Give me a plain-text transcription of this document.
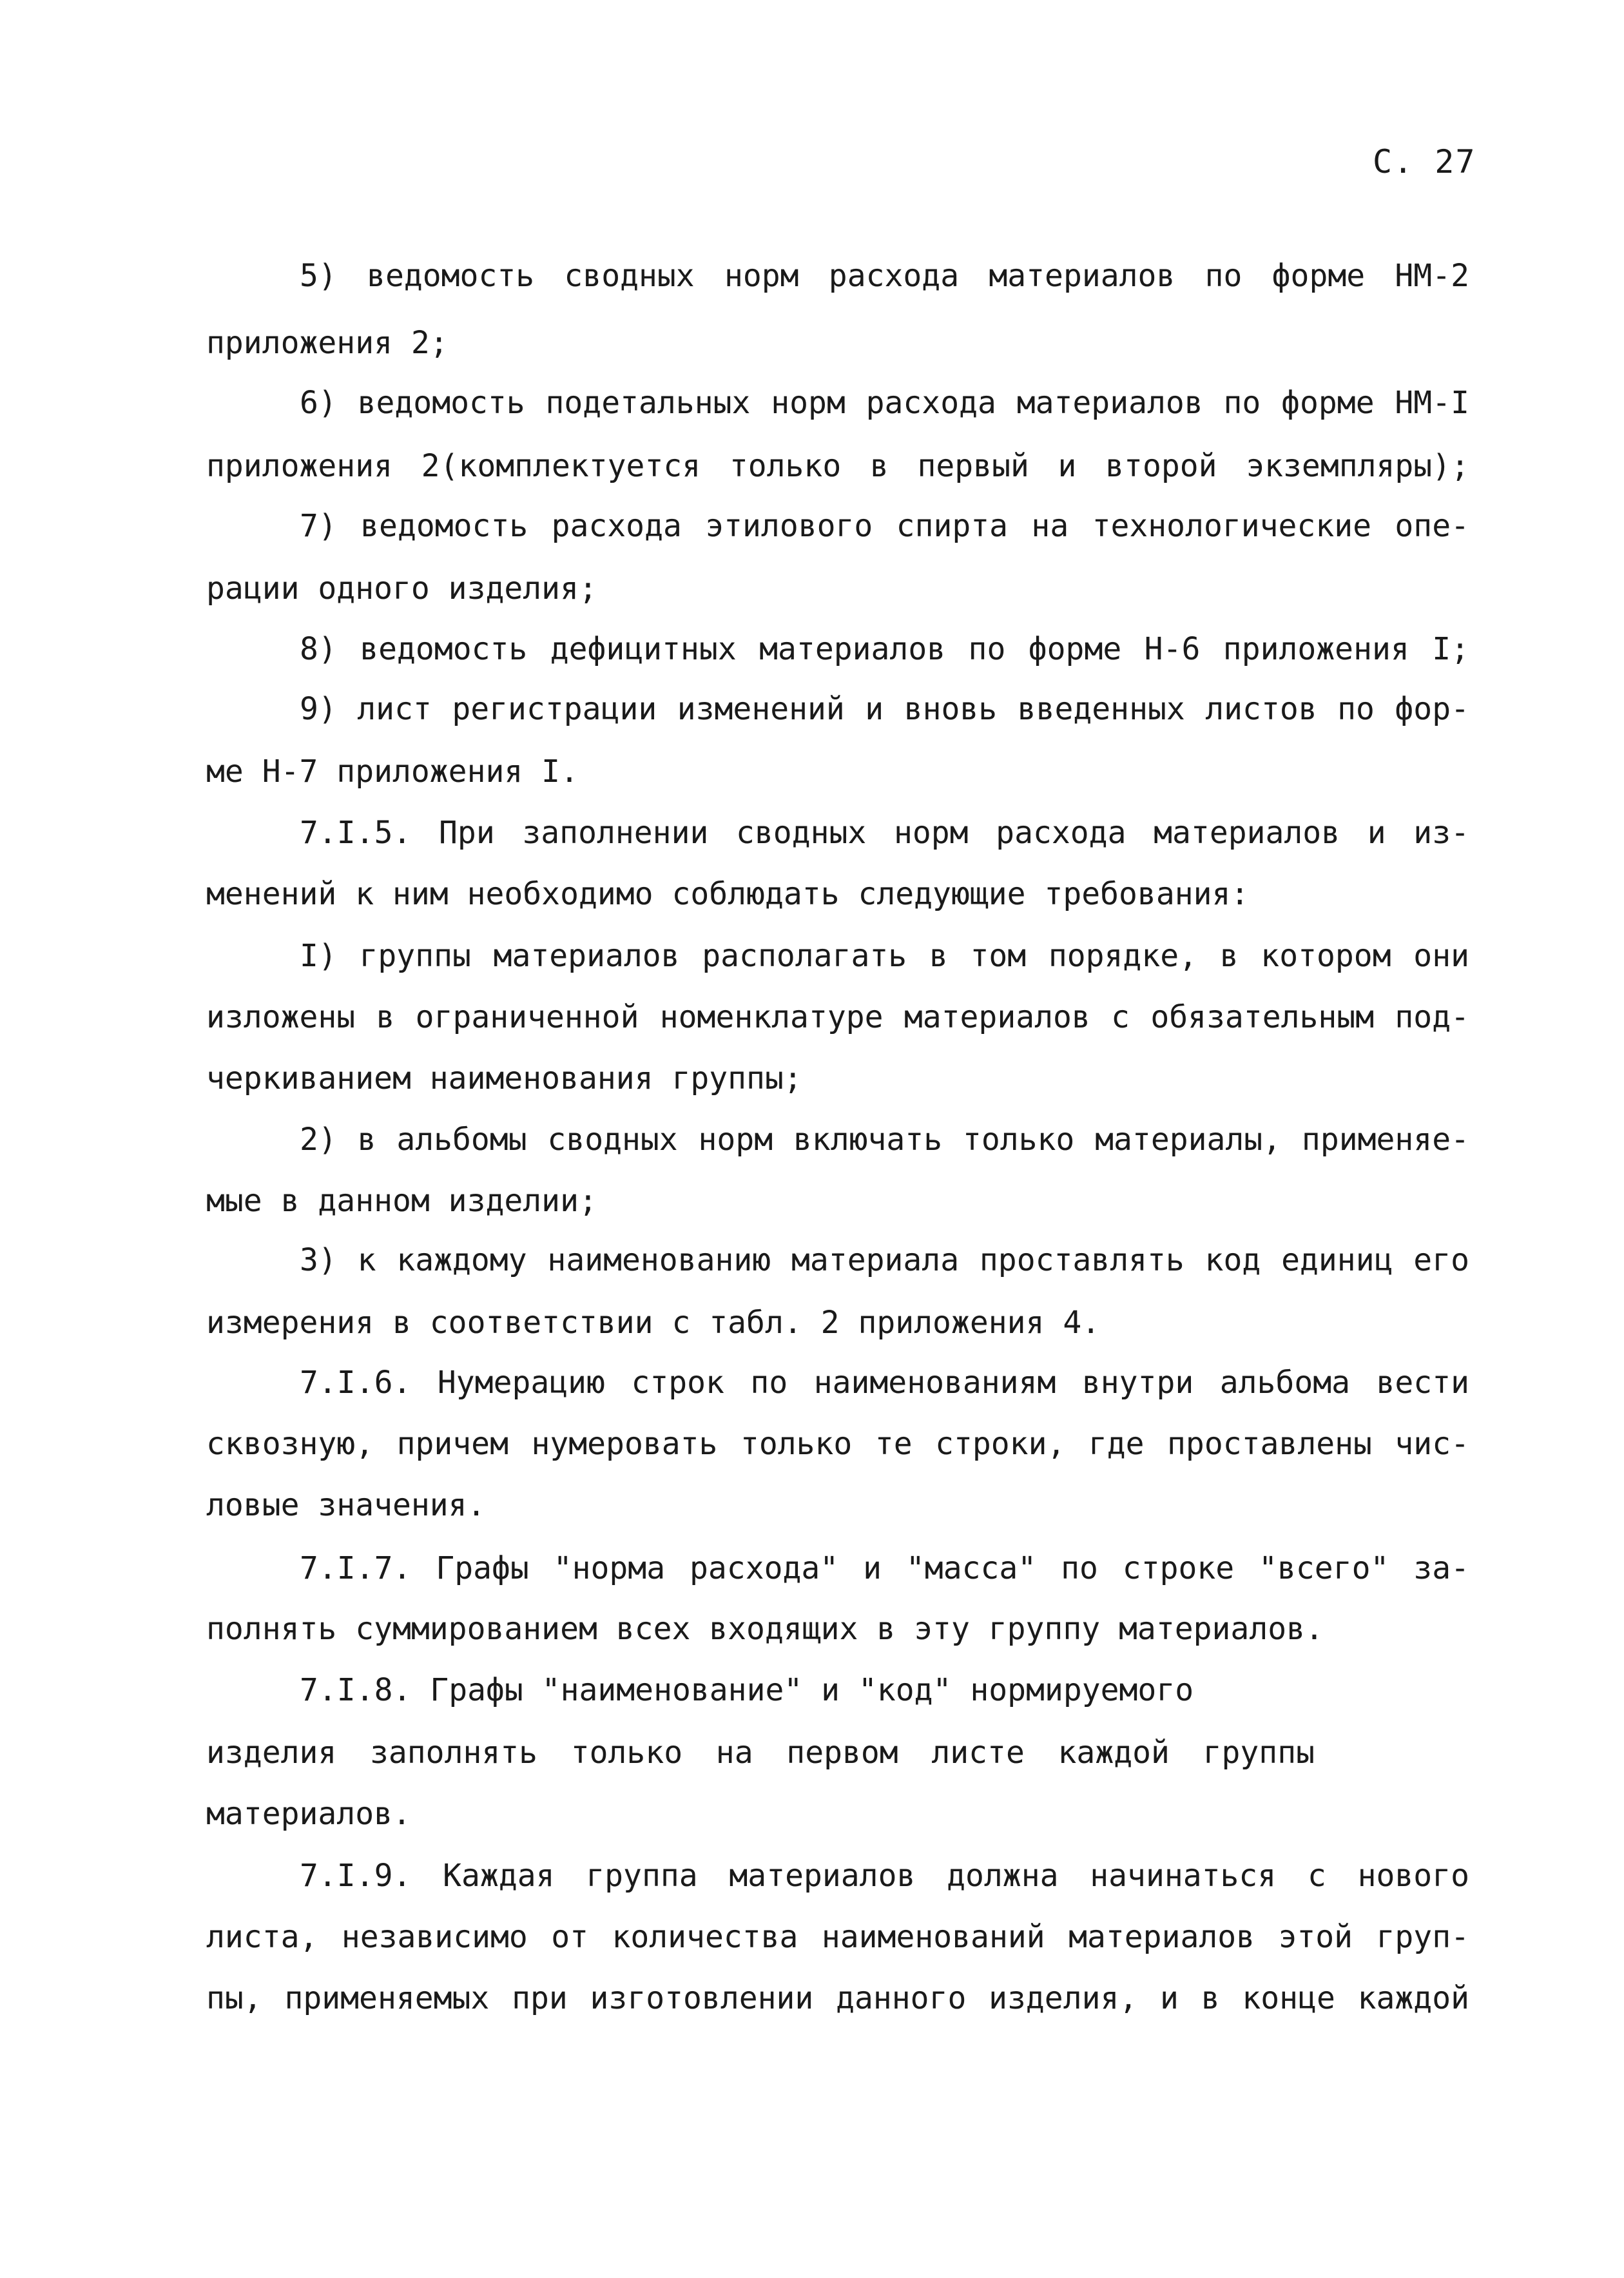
С. 27
5) ведомость сводных норм расхода материалов по форме НМ-2
приложения 2;
6) ведомость подетальных норм расхода материалов по форме НМ-I
приложения 2(комплектуется только в первый и второй экземпляры);
7) ведомость расхода этилового спирта на технологические опе-
рации одного изделия;
8) ведомость дефицитных материалов по форме Н-6 приложения I;
9) лист регистрации изменений и вновь введенных листов по фор-
ме Н-7 приложения I.
7.I.5. При заполнении сводных норм расхода материалов и из-
менений к ним необходимо соблюдать следующие требования:
I) группы материалов располагать в том порядке, в котором они
изложены в ограниченной номенклатуре материалов с обязательным под-
черкиванием наименования группы;
2) в альбомы сводных норм включать только материалы, применяе-
мые в данном изделии;
3) к каждому наименованию материала проставлять код единиц его
измерения в соответствии с табл. 2 приложения 4.
7.I.6. Нумерацию строк по наименованиям внутри альбома вести
сквозную, причем нумеровать только те строки, где проставлены чис-
ловые значения.
7.I.7. Графы "норма расхода" и "масса" по строке "всего" за-
полнять суммированием всех входящих в эту группу материалов.
7.I.8. Графы "наименование" и "код" нормируемого
изделия заполнять только на первом листе каждой группы
материалов.
7.I.9. Каждая группа материалов должна начинаться с нового
листа, независимо от количества наименований материалов этой груп-
пы, применяемых при изготовлении данного изделия, и в конце каждой
